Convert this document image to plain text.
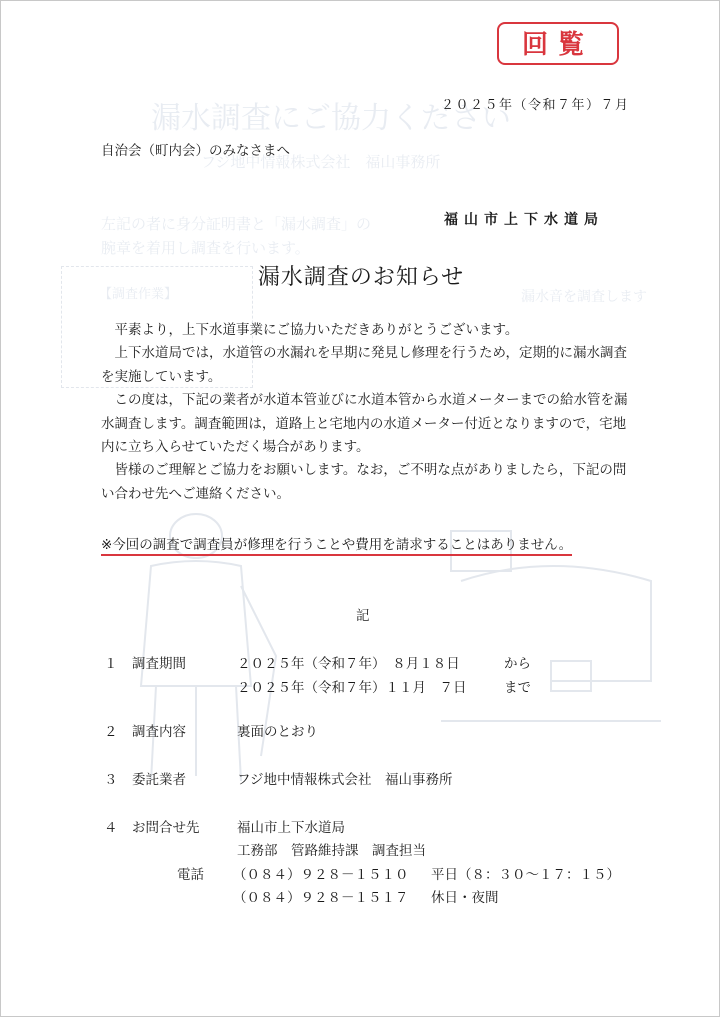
漏水調査にご協力ください
フジ地中情報株式会社　福山事務所
左記の者に身分証明書と「漏水調査」の
腕章を着用し調査を行います。
【調査作業】	漏水音を調査します
回覧
２０２５年（令和７年）７月
自治会（町内会）のみなさまへ
福山市上下水道局
漏水調査のお知らせ

平素より，上下水道事業にご協力いただきありがとうございます。

上下水道局では，水道管の水漏れを早期に発見し修理を行うため，定期的に漏水調査を実施しています。

この度は，下記の業者が水道本管並びに水道本管から水道メーターまでの給水管を漏水調査します。調査範囲は，道路上と宅地内の水道メーター付近となりますので，宅地内に立ち入らせていただく場合があります。

皆様のご理解とご協力をお願いします。なお，ご不明な点がありましたら，下記の問い合わせ先へご連絡ください。

※今回の調査で調査員が修理を行うことや費用を請求することはありません。
記
１ 調査期間	２０２５年（令和７年）　８月１８日	から
２０２５年（令和７年）１１月　７日	まで
２ 調査内容	裏面のとおり
３ 委託業者	フジ地中情報株式会社　福山事務所
４ お問合せ先	福山市上下水道局
工務部　管路維持課　調査担当
電話 （０８４）９２８－１５１０ 平日（８：３０～１７：１５）
（０８４）９２８－１５１７ 休日・夜間
